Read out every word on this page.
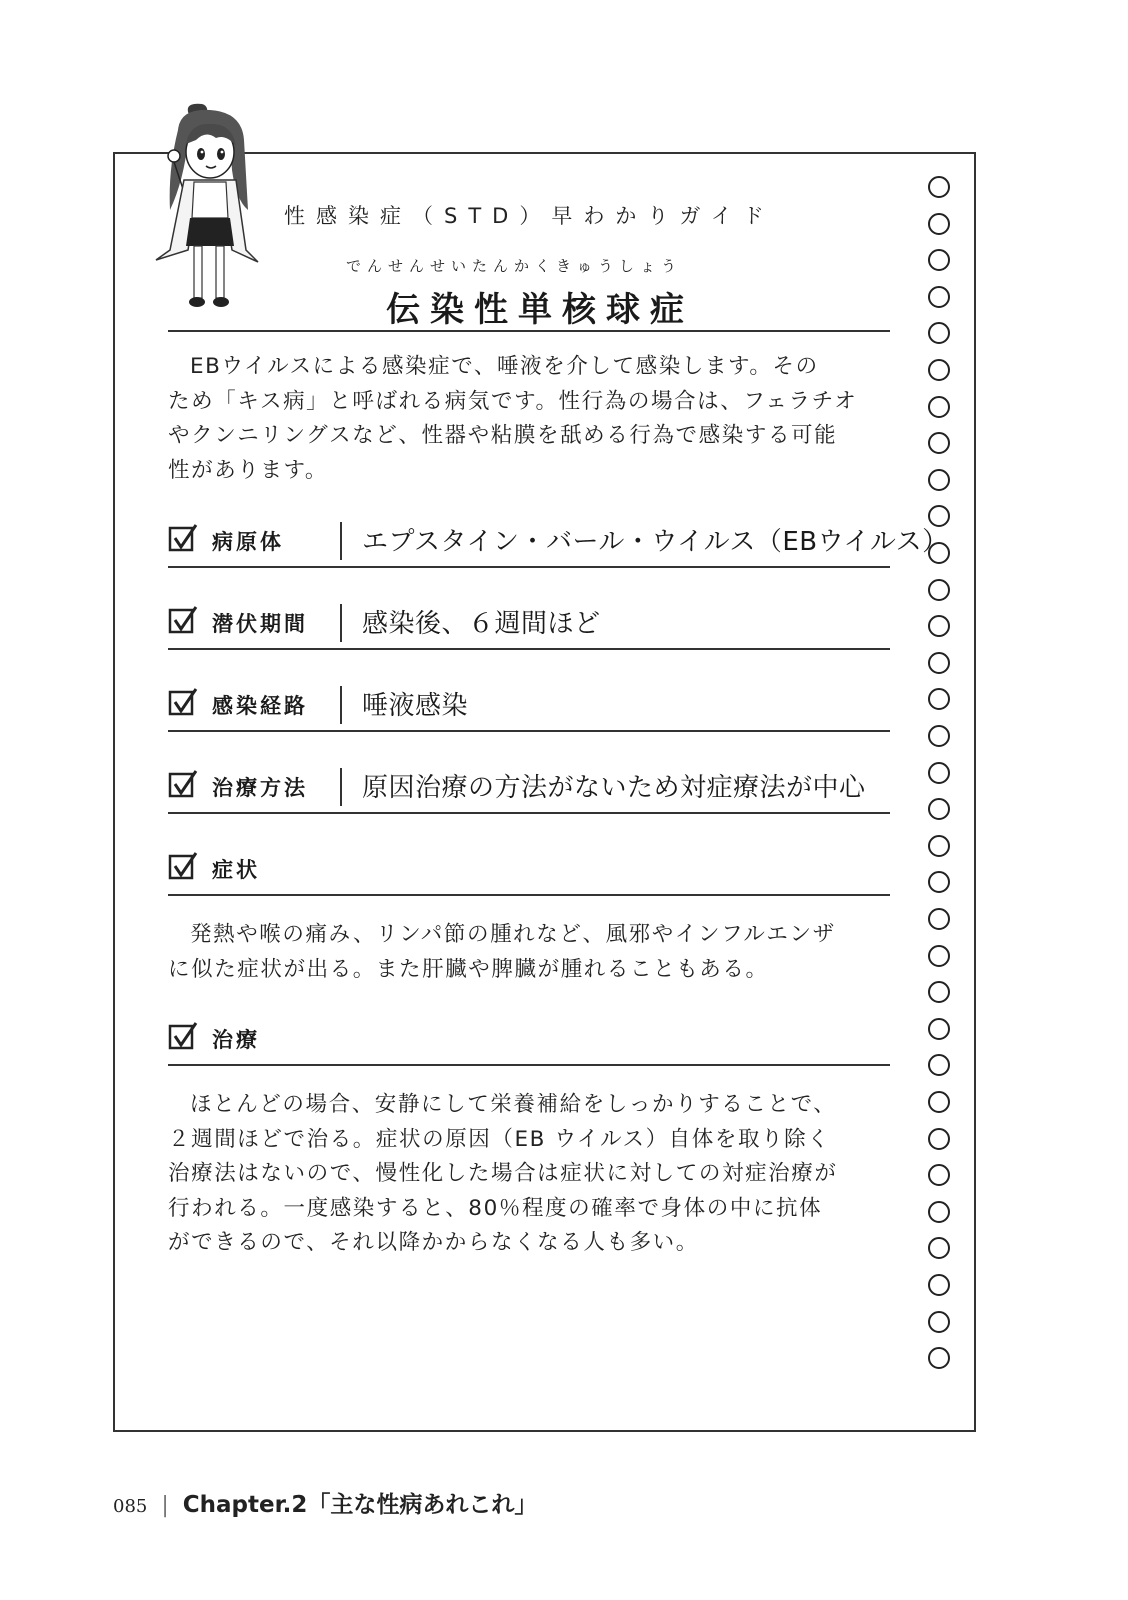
性感染症（STD）早わかりガイド
でんせんせいたんかくきゅうしょう
伝染性単核球症

EBウイルスによる感染症で、唾液を介して感染します。その
ため「キス病」と呼ばれる病気です。性行為の場合は、フェラチオ
やクンニリングスなど、性器や粘膜を舐める行為で感染する可能
性があります。

病原体	エプスタイン・バール・ウイルス（EBウイルス）
潜伏期間 感染後、６週間ほど
感染経路 唾液感染
治療方法 原因治療の方法がないため対症療法が中心
症状

発熱や喉の痛み、リンパ節の腫れなど、風邪やインフルエンザ
に似た症状が出る。また肝臓や脾臓が腫れることもある。

治療

ほとんどの場合、安静にして栄養補給をしっかりすることで、
２週間ほどで治る。症状の原因（EB ウイルス）自体を取り除く
治療法はないので、慢性化した場合は症状に対しての対症治療が
行われる。一度感染すると、80％程度の確率で身体の中に抗体
ができるので、それ以降かからなくなる人も多い。

085 | Chapter.2「主な性病あれこれ」
